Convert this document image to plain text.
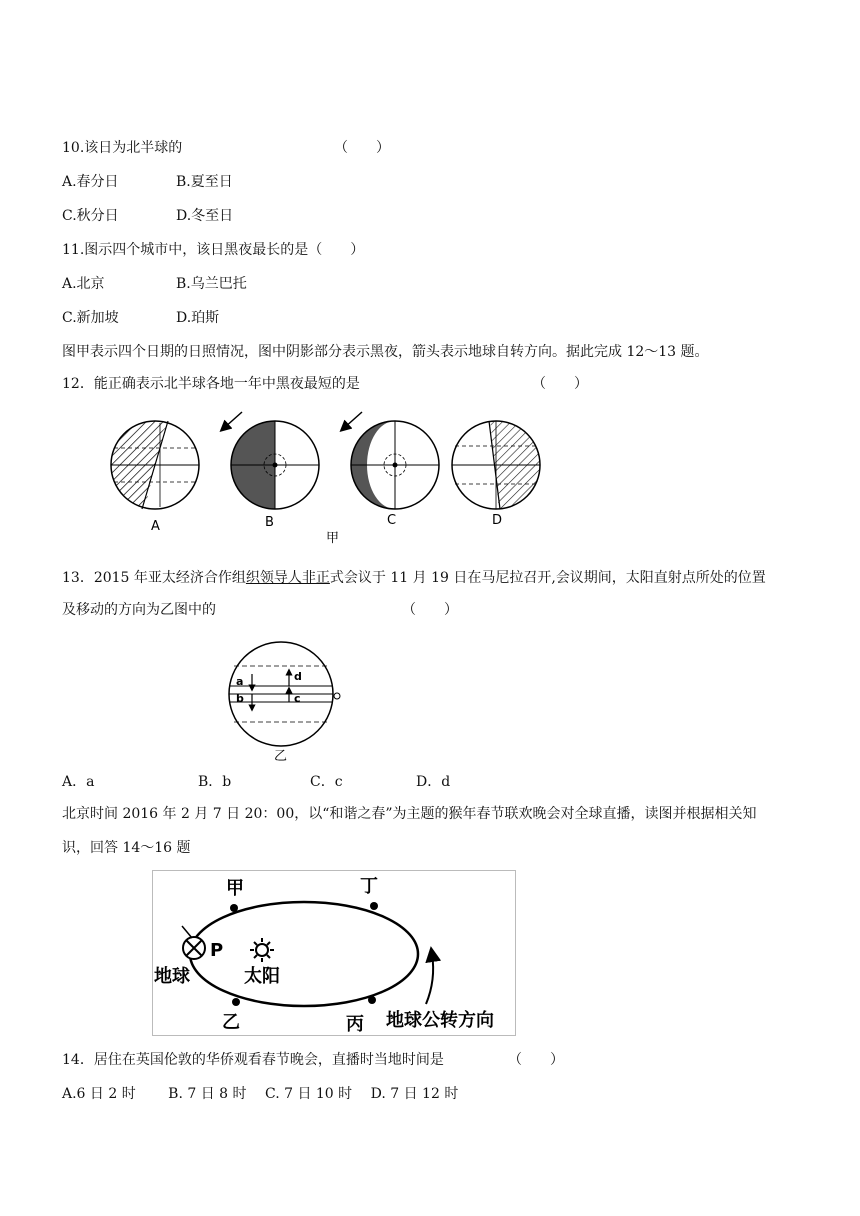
10.该日为北半球的	（　　）
A.春分日	B.夏至日
C.秋分日	D.冬至日
11.图示四个城市中，该日黑夜最长的是（　　）
A.北京	B.乌兰巴托
C.新加坡	D.珀斯
图甲表示四个日期的日照情况，图中阴影部分表示黑夜，箭头表示地球自转方向。据此完成 12～13 题。
12．能正确表示北半球各地一年中黑夜最短的是	（　　）
A	B	C	D
甲
13．2015 年亚太经济合作组织领导人非正式会议于 11 月 19 日在马尼拉召开,会议期间，太阳直射点所处的位置
及移动的方向为乙图中的	（　　）
a
b
d
c
乙
A．a	B．b	C．c	D．d
北京时间 2016 年 2 月 7 日 20：00，以“和谐之春”为主题的猴年春节联欢晚会对全球直播，读图并根据相关知
识，回答 14～16 题
甲	丁
P
地球	太阳
乙	丙 地球公转方向
14．居住在英国伦敦的华侨观看春节晚会，直播时当地时间是	（　　）
A.6 日 2 时　　 B. 7 日 8 时　 C. 7 日 10 时　 D. 7 日 12 时
